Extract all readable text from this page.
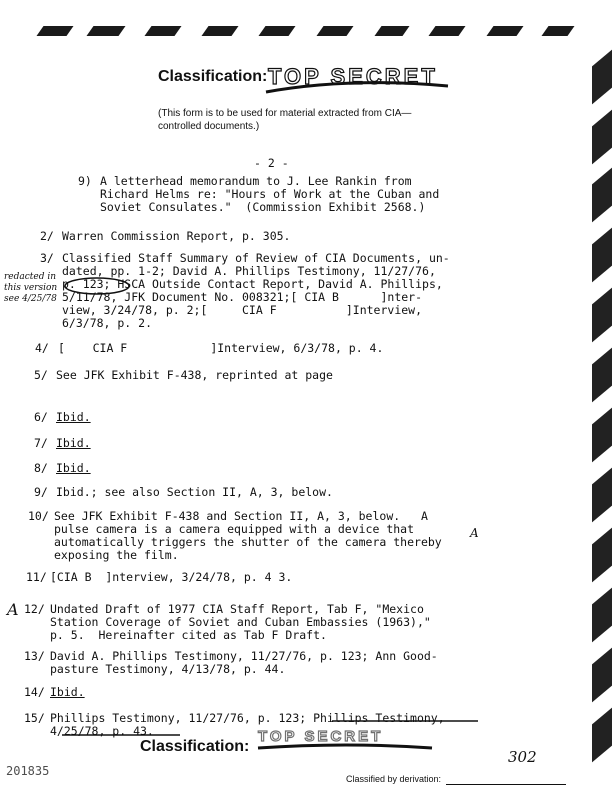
Classification: TOP SECRET
(This form is to be used for material extracted from CIA—controlled documents.)
- 2 -
9) A letterhead memorandum to J. Lee Rankin from
Richard Helms re: "Hours of Work at the Cuban and
Soviet Consulates."  (Commission Exhibit 2568.)
2/ Warren Commission Report, p. 305.
3/ Classified Staff Summary of Review of CIA Documents, un-
dated, pp. 1-2; David A. Phillips Testimony, 11/27/76,
p. 123; HSCA Outside Contact Report, David A. Phillips,
5/11/78, JFK Document No. 008321;[ CIA B      ]nter-
view, 3/24/78, p. 2;[     CIA F          ]Interview,
6/3/78, p. 2.
redacted in
this version
see 4/25/78
4/ [    CIA F            ]Interview, 6/3/78, p. 4.
5/ See JFK Exhibit F-438, reprinted at page
6/ Ibid.
7/ Ibid.
8/ Ibid.
9/ Ibid.; see also Section II, A, 3, below.
10/ See JFK Exhibit F-438 and Section II, A, 3, below.   A
pulse camera is a camera equipped with a device that
automatically triggers the shutter of the camera thereby
exposing the film.
11/ [CIA B  ]nterview, 3/24/78, p. 4 3.
A 12/ Undated Draft of 1977 CIA Staff Report, Tab F, "Mexico
Station Coverage of Soviet and Cuban Embassies (1963),"
p. 5.  Hereinafter cited as Tab F Draft.
A
13/ David A. Phillips Testimony, 11/27/76, p. 123; Ann Good-
pasture Testimony, 4/13/78, p. 44.
14/ Ibid.
15/ Phillips Testimony, 11/27/76, p. 123; Phillips Testimony,
4/25/78, p. 43.
Classification:
TOP SECRET
201835
302
Classified by derivation:
